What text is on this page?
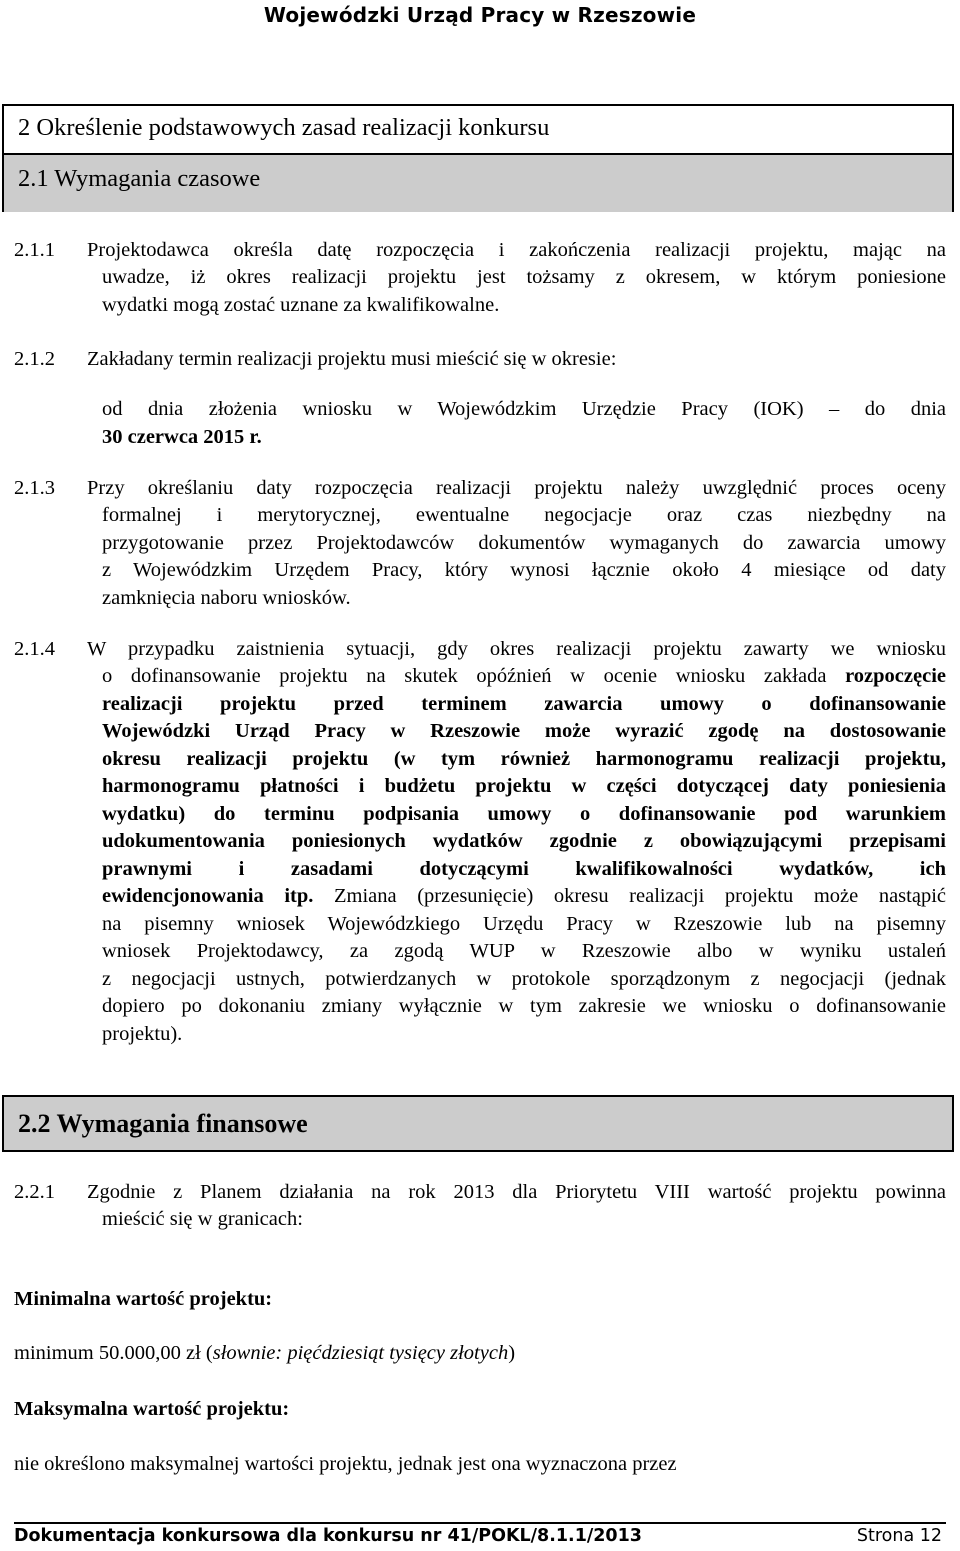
Wojewódzki Urząd Pracy w Rzeszowie
2 Określenie podstawowych zasad realizacji konkursu
2.1 Wymagania czasowe
2.1.1	Projektodawca określa datę rozpoczęcia i zakończenia realizacji projektu, mając na
uwadze, iż okres realizacji projektu jest tożsamy z okresem, w którym poniesione
wydatki mogą zostać uznane za kwalifikowalne.
2.1.2 Zakładany termin realizacji projektu musi mieścić się w okresie:
od dnia złożenia wniosku w Wojewódzkim Urzędzie Pracy (IOK) – do dnia
30 czerwca 2015 r.
2.1.3 Przy określaniu daty rozpoczęcia realizacji projektu należy uwzględnić proces oceny
formalnej i merytorycznej, ewentualne negocjacje oraz czas niezbędny na
przygotowanie przez Projektodawców dokumentów wymaganych do zawarcia umowy
z Wojewódzkim Urzędem Pracy, który wynosi łącznie około 4 miesiące od daty
zamknięcia naboru wniosków.
2.1.4 W przypadku zaistnienia sytuacji, gdy okres realizacji projektu zawarty we wniosku
o dofinansowanie projektu na skutek opóźnień w ocenie wniosku zakłada rozpoczęcie
realizacji projektu przed terminem zawarcia umowy o dofinansowanie
Wojewódzki Urząd Pracy w Rzeszowie może wyrazić zgodę na dostosowanie
okresu realizacji projektu (w tym również harmonogramu realizacji projektu,
harmonogramu płatności i budżetu projektu w części dotyczącej daty poniesienia
wydatku) do terminu podpisania umowy o dofinansowanie pod warunkiem
udokumentowania poniesionych wydatków zgodnie z obowiązującymi przepisami
prawnymi i zasadami dotyczącymi kwalifikowalności wydatków, ich
ewidencjonowania itp. Zmiana (przesunięcie) okresu realizacji projektu może nastąpić
na pisemny wniosek Wojewódzkiego Urzędu Pracy w Rzeszowie lub na pisemny
wniosek Projektodawcy, za zgodą WUP w Rzeszowie albo w wyniku ustaleń
z negocjacji ustnych, potwierdzanych w protokole sporządzonym z negocjacji (jednak
dopiero po dokonaniu zmiany wyłącznie w tym zakresie we wniosku o dofinansowanie
projektu).
2.2 Wymagania finansowe
2.2.1 Zgodnie z Planem działania na rok 2013 dla Priorytetu VIII wartość projektu powinna
mieścić się w granicach:
Minimalna wartość projektu:
minimum 50.000,00 zł (słownie: pięćdziesiąt tysięcy złotych)
Maksymalna wartość projektu:
nie określono maksymalnej wartości projektu, jednak jest ona wyznaczona przez
Dokumentacja konkursowa dla konkursu nr 41/POKL/8.1.1/2013	Strona 12
